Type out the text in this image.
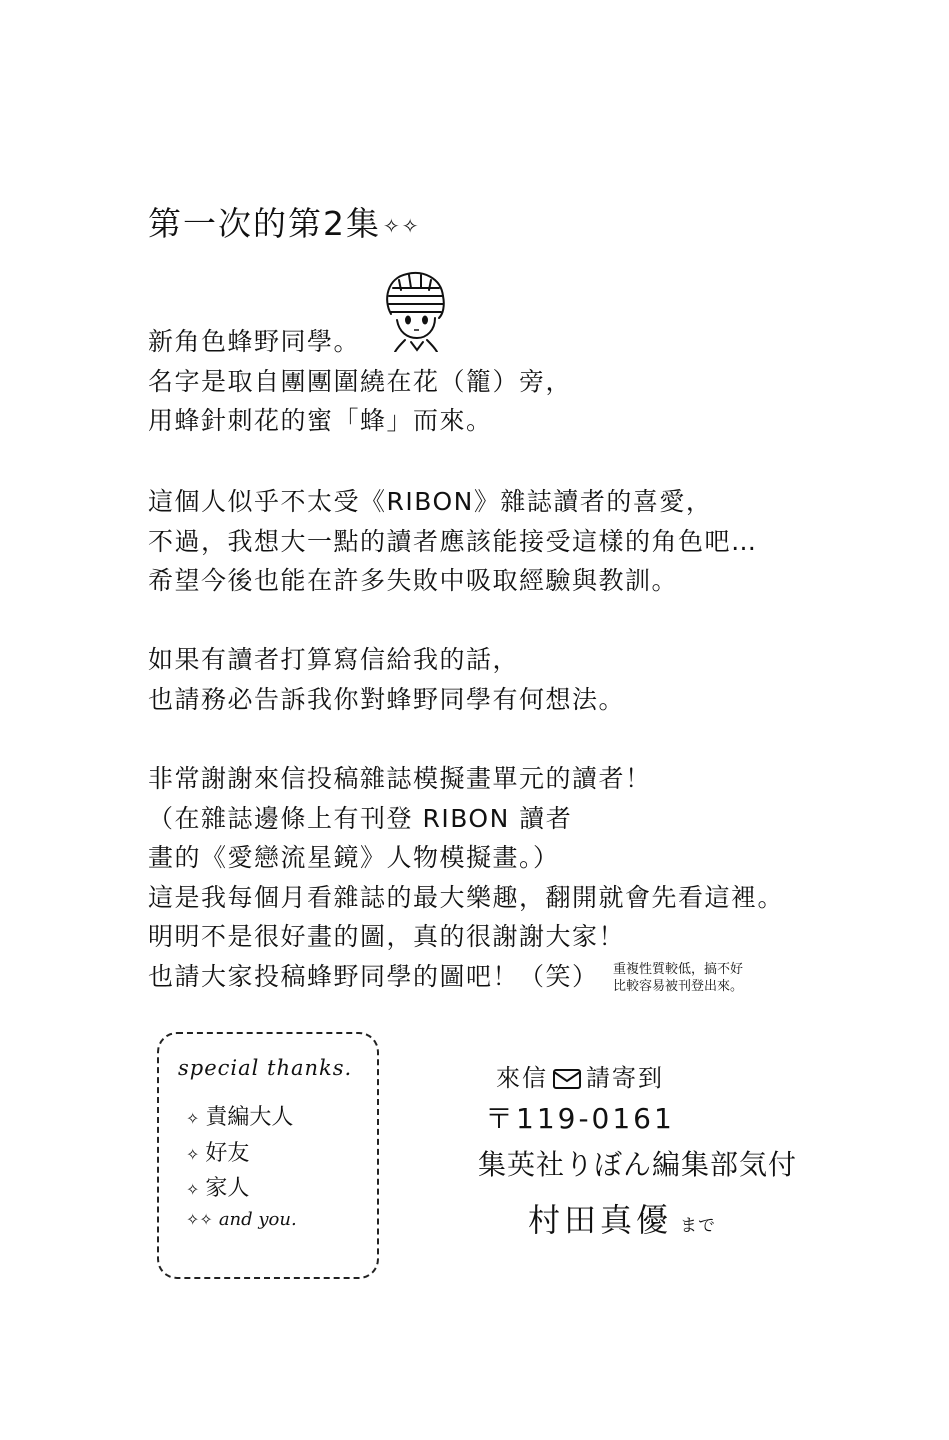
第一次的第2集 ✧✧
新角色蜂野同學。
名字是取自團團圍繞在花（籠）旁，
用蜂針刺花的蜜「蜂」而來。
這個人似乎不太受《RIBON》雜誌讀者的喜愛，
不過，我想大一點的讀者應該能接受這樣的角色吧…
希望今後也能在許多失敗中吸取經驗與教訓。
如果有讀者打算寫信給我的話，
也請務必告訴我你對蜂野同學有何想法。
非常謝謝來信投稿雜誌模擬畫單元的讀者！
（在雜誌邊條上有刊登 RIBON 讀者
畫的《愛戀流星鏡》人物模擬畫。）
這是我每個月看雜誌的最大樂趣，翻開就會先看這裡。
明明不是很好畫的圖，真的很謝謝大家！
也請大家投稿蜂野同學的圖吧！（笑）	重複性質較低，搞不好
比較容易被刊登出來。
special thanks.
✧ 責編大人
✧ 好友
✧ 家人
✧✧ and you.
來信 請寄到
〒119-0161
集英社りぼん編集部気付
村田真優 まで
